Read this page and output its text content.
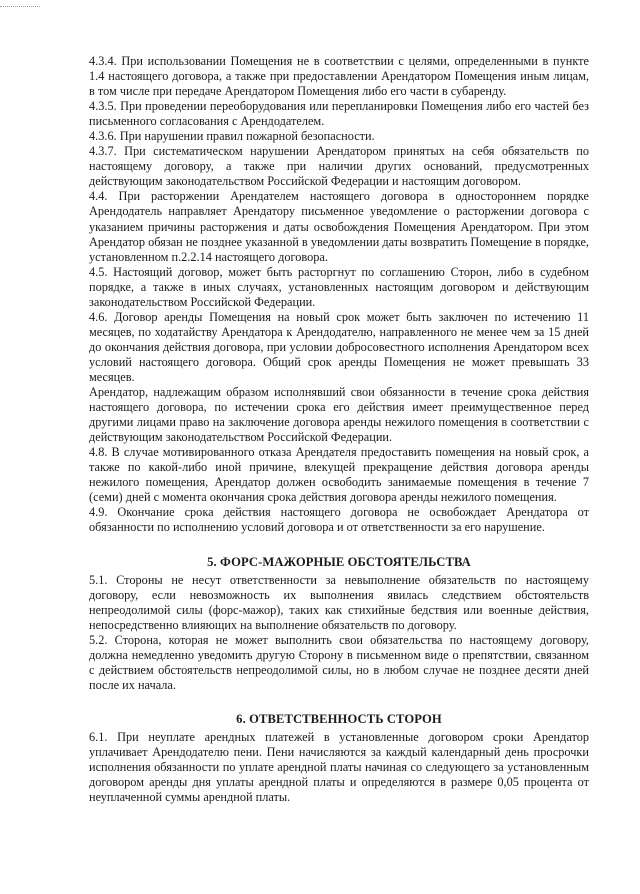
4.3.4. При использовании Помещения не в соответствии с целями, определенными в пункте 1.4 настоящего договора, а также при предоставлении Арендатором Помещения иным лицам, в том числе при передаче Арендатором Помещения либо его части в субаренду.

4.3.5. При проведении переоборудования или перепланировки Помещения либо его частей без письменного согласования с Арендодателем.

4.3.6. При нарушении правил пожарной безопасности.

4.3.7. При систематическом нарушении Арендатором принятых на себя обязательств по настоящему договору, а также при наличии других оснований, предусмотренных действующим законодательством Российской Федерации и настоящим договором.

4.4. При расторжении Арендателем настоящего договора в одностороннем порядке Арендодатель направляет Арендатору письменное уведомление о расторжении договора с указанием причины расторжения и даты освобождения Помещения Арендатором. При этом Арендатор обязан не позднее указанной в уведомлении даты возвратить Помещение в порядке, установленном п.2.2.14 настоящего договора.

4.5. Настоящий договор, может быть расторгнут по соглашению Сторон, либо в судебном порядке, а также в иных случаях, установленных настоящим договором и действующим законодательством Российской Федерации.

4.6. Договор аренды Помещения на новый срок может быть заключен по истечению 11 месяцев, по ходатайству Арендатора к Арендодателю, направленного не менее чем за 15 дней до окончания действия договора, при условии добросовестного исполнения Арендатором всех условий настоящего договора. Общий срок аренды Помещения не может превышать 33 месяцев.

Арендатор, надлежащим образом исполнявший свои обязанности в течение срока действия настоящего договора, по истечении срока его действия имеет преимущественное перед другими лицами право на заключение договора аренды нежилого помещения в соответствии с действующим законодательством Российской Федерации.

4.8. В случае мотивированного отказа Арендателя предоставить помещения на новый срок, а также по какой-либо иной причине, влекущей прекращение действия договора аренды нежилого помещения, Арендатор должен освободить занимаемые помещения в течение 7 (семи) дней с момента окончания срока действия договора аренды нежилого помещения.

4.9. Окончание срока действия настоящего договора не освобождает Арендатора от обязанности по исполнению условий договора и от ответственности за его нарушение.

5. ФОРС-МАЖОРНЫЕ ОБСТОЯТЕЛЬСТВА

5.1. Стороны не несут ответственности за невыполнение обязательств по настоящему договору, если невозможность их выполнения явилась следствием обстоятельств непреодолимой силы (форс-мажор), таких как стихийные бедствия или военные действия, непосредственно влияющих на выполнение обязательств по договору.

5.2. Сторона, которая не может выполнить свои обязательства по настоящему договору, должна немедленно уведомить другую Сторону в письменном виде о препятствии, связанном с действием обстоятельств непреодолимой силы, но в любом случае не позднее десяти дней после их начала.

6. ОТВЕТСТВЕННОСТЬ СТОРОН

6.1. При неуплате арендных платежей в установленные договором сроки Арендатор уплачивает Арендодателю пени. Пени начисляются за каждый календарный день просрочки исполнения обязанности по уплате арендной платы начиная со следующего за установленным договором аренды дня уплаты арендной платы и определяются в размере 0,05 процента от неуплаченной суммы арендной платы.
